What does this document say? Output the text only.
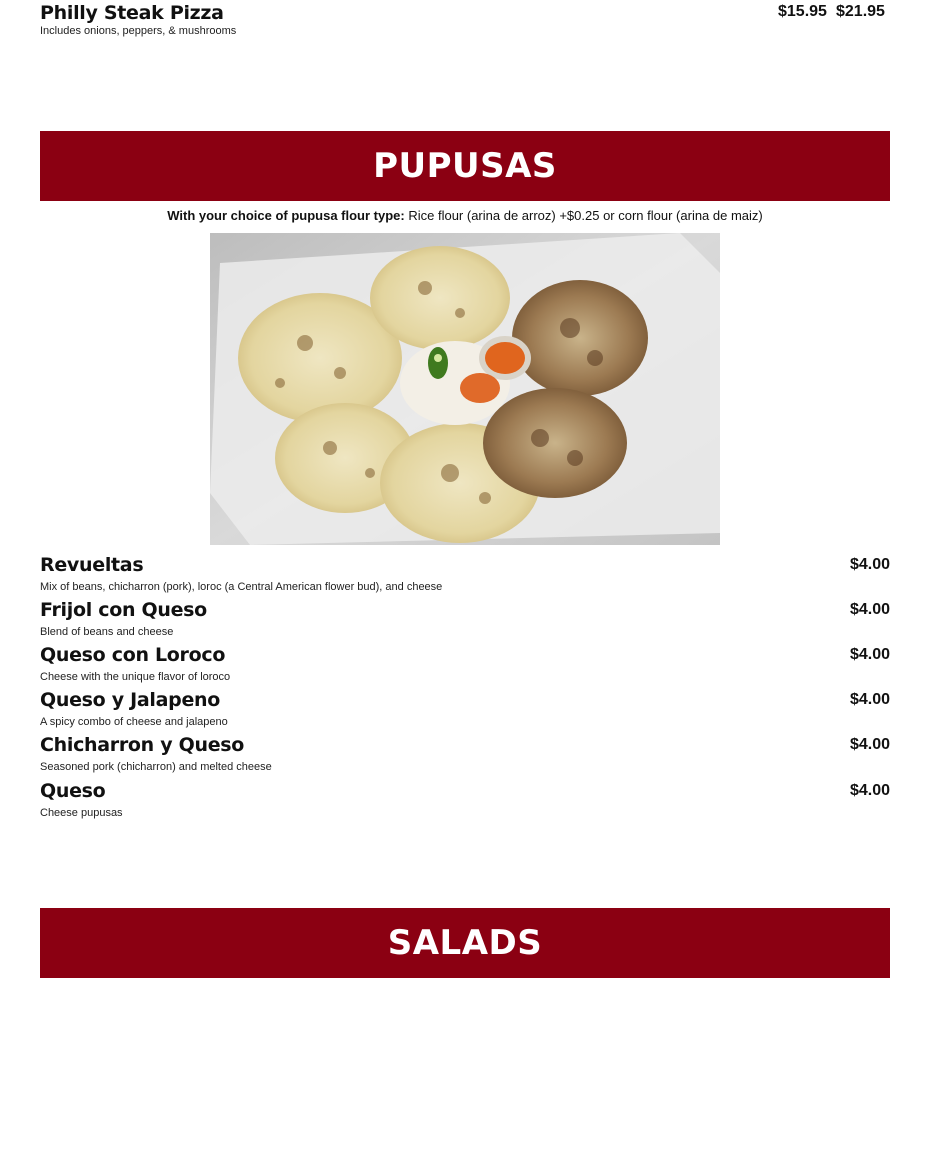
Philly Steak Pizza
Includes onions, peppers, & mushrooms
$15.95 $21.95
PUPUSAS
With your choice of pupusa flour type: Rice flour (arina de arroz) +$0.25 or corn flour (arina de maiz)
Revueltas
Mix of beans, chicharron (pork), loroc (a Central American flower bud), and cheese
$4.00
Frijol con Queso
Blend of beans and cheese
$4.00
Queso con Loroco
Cheese with the unique flavor of loroco
$4.00
Queso y Jalapeno
A spicy combo of cheese and jalapeno
$4.00
Chicharron y Queso
Seasoned pork (chicharron) and melted cheese
$4.00
Queso
Cheese pupusas
$4.00
SALADS
